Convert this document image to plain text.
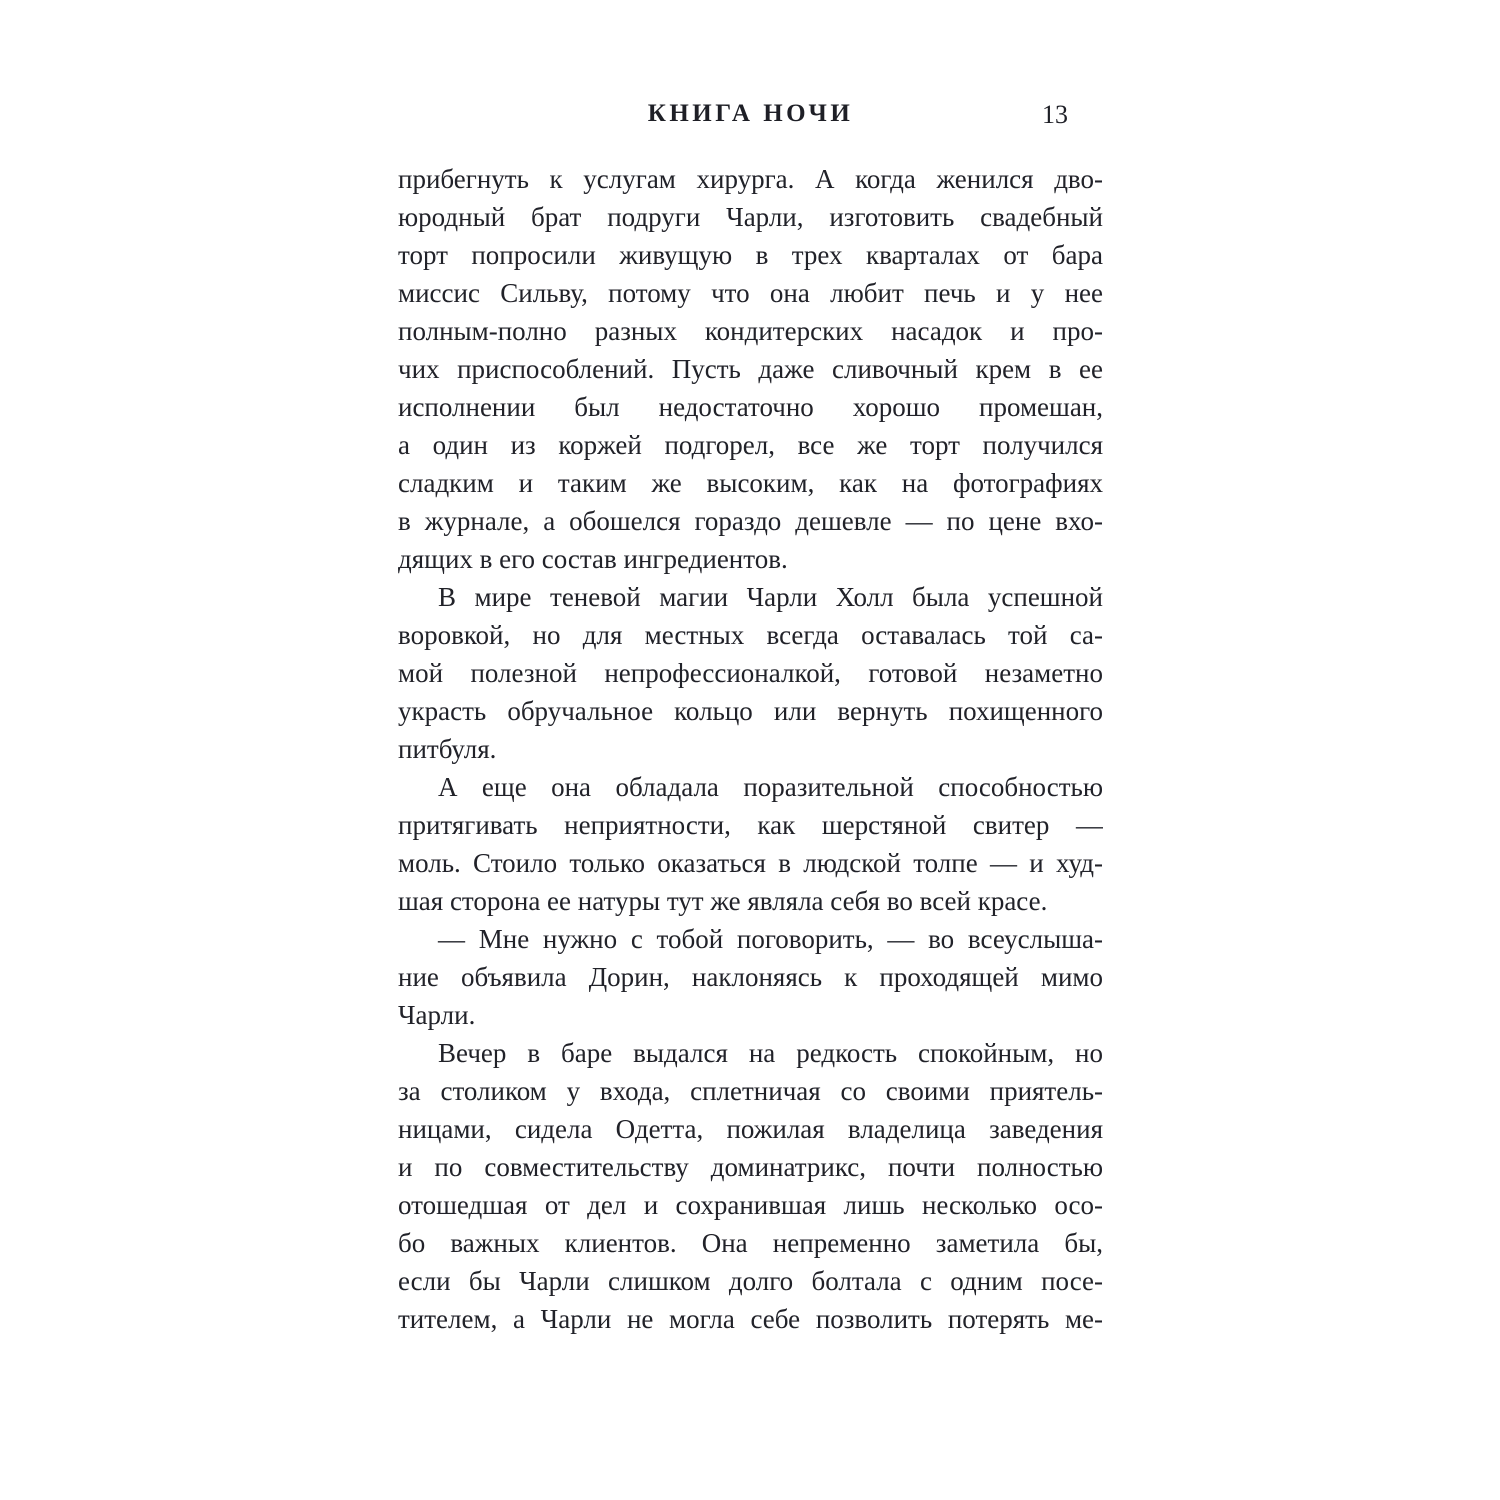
КНИГА НОЧИ	13
прибегнуть к услугам хирурга. А когда женился дво-
юродный брат подруги Чарли, изготовить свадебный
торт попросили живущую в трех кварталах от бара
миссис Сильву, потому что она любит печь и у нее
полным-полно разных кондитерских насадок и про-
чих приспособлений. Пусть даже сливочный крем в ее
исполнении был недостаточно хорошо промешан,
а один из коржей подгорел, все же торт получился
сладким и таким же высоким, как на фотографиях
в журнале, а обошелся гораздо дешевле — по цене вхо-
дящих в его состав ингредиентов.
В мире теневой магии Чарли Холл была успешной
воровкой, но для местных всегда оставалась той са-
мой полезной непрофессионалкой, готовой незаметно
украсть обручальное кольцо или вернуть похищенного
питбуля.
А еще она обладала поразительной способностью
притягивать неприятности, как шерстяной свитер —
моль. Стоило только оказаться в людской толпе — и худ-
шая сторона ее натуры тут же являла себя во всей красе.
— Мне нужно с тобой поговорить, — во всеуслыша-
ние объявила Дорин, наклоняясь к проходящей мимо
Чарли.
Вечер в баре выдался на редкость спокойным, но
за столиком у входа, сплетничая со своими приятель-
ницами, сидела Одетта, пожилая владелица заведения
и по совместительству доминатрикс, почти полностью
отошедшая от дел и сохранившая лишь несколько осо-
бо важных клиентов. Она непременно заметила бы,
если бы Чарли слишком долго болтала с одним посе-
тителем, а Чарли не могла себе позволить потерять ме-
